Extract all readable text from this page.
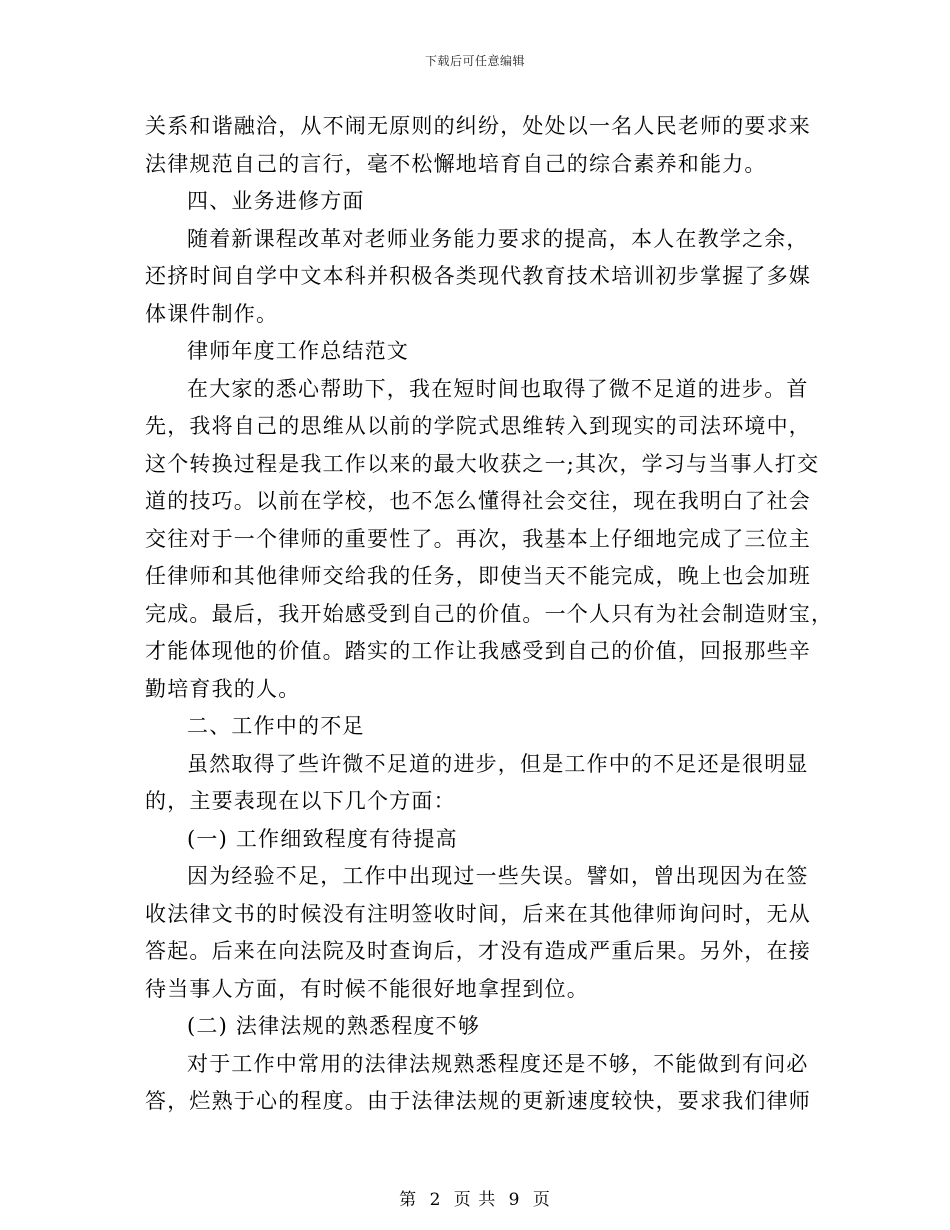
下载后可任意编辑
关系和谐融洽，从不闹无原则的纠纷，处处以一名人民老师的要求来
法律规范自己的言行，毫不松懈地培育自己的综合素养和能力。
四、业务进修方面
随着新课程改革对老师业务能力要求的提高，本人在教学之余，
还挤时间自学中文本科并积极各类现代教育技术培训初步掌握了多媒
体课件制作。
律师年度工作总结范文
在大家的悉心帮助下，我在短时间也取得了微不足道的进步。首
先，我将自己的思维从以前的学院式思维转入到现实的司法环境中，
这个转换过程是我工作以来的最大收获之一;其次，学习与当事人打交
道的技巧。以前在学校，也不怎么懂得社会交往，现在我明白了社会
交往对于一个律师的重要性了。再次，我基本上仔细地完成了三位主
任律师和其他律师交给我的任务，即使当天不能完成，晚上也会加班
完成。最后，我开始感受到自己的价值。一个人只有为社会制造财宝，
才能体现他的价值。踏实的工作让我感受到自己的价值，回报那些辛
勤培育我的人。
二、工作中的不足
虽然取得了些许微不足道的进步，但是工作中的不足还是很明显
的，主要表现在以下几个方面：
(一) 工作细致程度有待提高
因为经验不足，工作中出现过一些失误。譬如，曾出现因为在签
收法律文书的时候没有注明签收时间，后来在其他律师询问时，无从
答起。后来在向法院及时查询后，才没有造成严重后果。另外，在接
待当事人方面，有时候不能很好地拿捏到位。
(二) 法律法规的熟悉程度不够
对于工作中常用的法律法规熟悉程度还是不够，不能做到有问必
答，烂熟于心的程度。由于法律法规的更新速度较快，要求我们律师
第 2 页 共 9 页
